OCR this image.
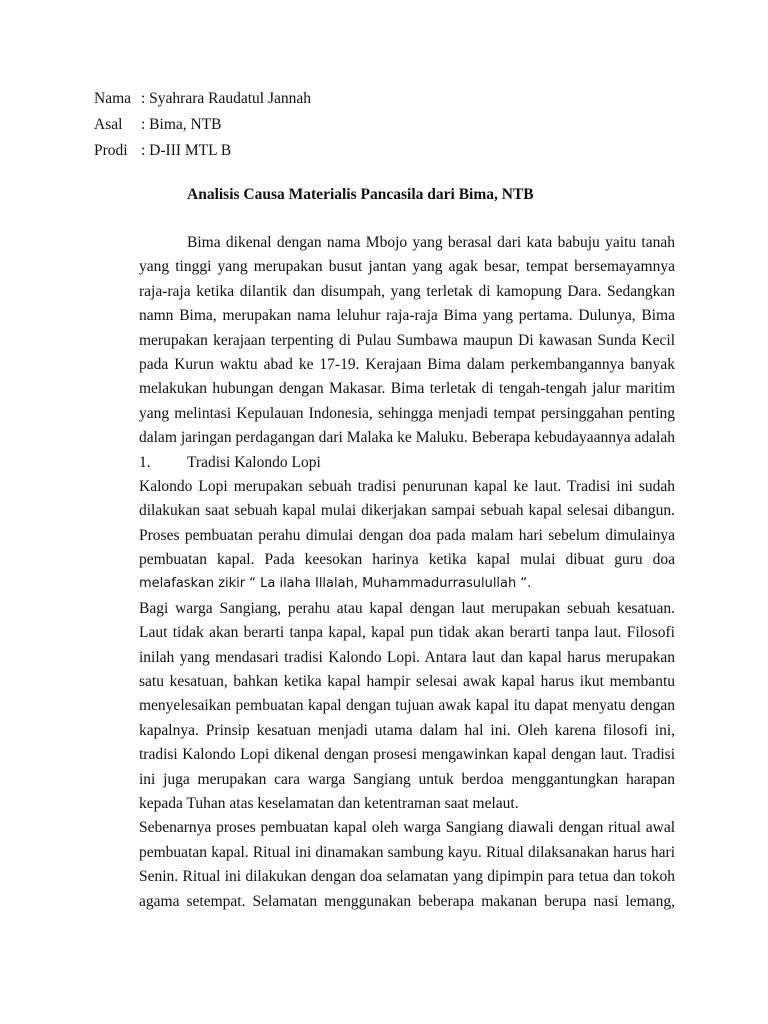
Nama : Syahrara Raudatul Jannah
Asal	: Bima, NTB
Prodi : D-III MTL B
Analisis Causa Materialis Pancasila dari Bima, NTB
Bima dikenal dengan nama Mbojo yang berasal dari kata babuju yaitu tanah
yang tinggi yang merupakan busut jantan yang agak besar, tempat bersemayamnya
raja-raja ketika dilantik dan disumpah, yang terletak di kamopung Dara. Sedangkan
namn Bima, merupakan nama leluhur raja-raja Bima yang pertama. Dulunya, Bima
merupakan kerajaan terpenting di Pulau Sumbawa maupun Di kawasan Sunda Kecil
pada Kurun waktu abad ke 17-19. Kerajaan Bima dalam perkembangannya banyak
melakukan hubungan dengan Makasar. Bima terletak di tengah-tengah jalur maritim
yang melintasi Kepulauan Indonesia, sehingga menjadi tempat persinggahan penting
dalam jaringan perdagangan dari Malaka ke Maluku. Beberapa kebudayaannya adalah
1.	Tradisi Kalondo Lopi
Kalondo Lopi merupakan sebuah tradisi penurunan kapal ke laut. Tradisi ini sudah
dilakukan saat sebuah kapal mulai dikerjakan sampai sebuah kapal selesai dibangun.
Proses pembuatan perahu dimulai dengan doa pada malam hari sebelum dimulainya
pembuatan kapal. Pada keesokan harinya ketika kapal mulai dibuat guru doa
melafaskan zikir “ La ilaha Illalah, Muhammadurrasulullah “.
Bagi warga Sangiang, perahu atau kapal dengan laut merupakan sebuah kesatuan.
Laut tidak akan berarti tanpa kapal, kapal pun tidak akan berarti tanpa laut. Filosofi
inilah yang mendasari tradisi Kalondo Lopi. Antara laut dan kapal harus merupakan
satu kesatuan, bahkan ketika kapal hampir selesai awak kapal harus ikut membantu
menyelesaikan pembuatan kapal dengan tujuan awak kapal itu dapat menyatu dengan
kapalnya. Prinsip kesatuan menjadi utama dalam hal ini. Oleh karena filosofi ini,
tradisi Kalondo Lopi dikenal dengan prosesi mengawinkan kapal dengan laut. Tradisi
ini juga merupakan cara warga Sangiang untuk berdoa menggantungkan harapan
kepada Tuhan atas keselamatan dan ketentraman saat melaut.
Sebenarnya proses pembuatan kapal oleh warga Sangiang diawali dengan ritual awal
pembuatan kapal. Ritual ini dinamakan sambung kayu. Ritual dilaksanakan harus hari
Senin. Ritual ini dilakukan dengan doa selamatan yang dipimpin para tetua dan tokoh
agama setempat. Selamatan menggunakan beberapa makanan berupa nasi lemang,
